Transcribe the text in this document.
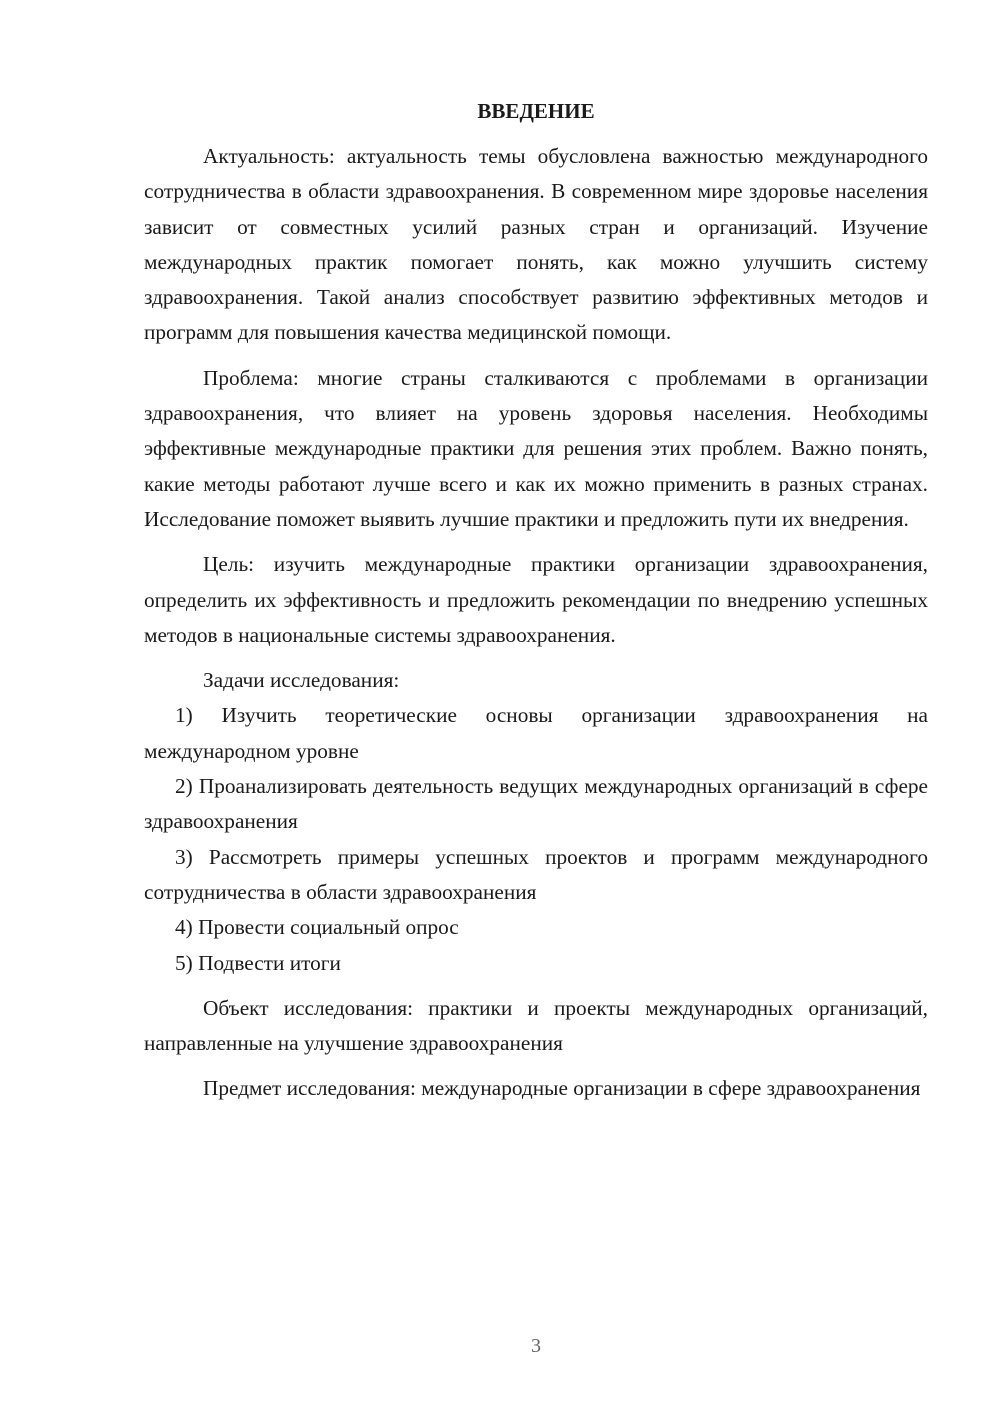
ВВЕДЕНИЕ

Актуальность: актуальность темы обусловлена важностью международного сотрудничества в области здравоохранения. В современном мире здоровье населения зависит от совместных усилий разных стран и организаций. Изучение международных практик помогает понять, как можно улучшить систему здравоохранения. Такой анализ способствует развитию эффективных методов и программ для повышения качества медицинской помощи.

Проблема: многие страны сталкиваются с проблемами в организации здравоохранения, что влияет на уровень здоровья населения. Необходимы эффективные международные практики для решения этих проблем. Важно понять, какие методы работают лучше всего и как их можно применить в разных странах. Исследование поможет выявить лучшие практики и предложить пути их внедрения.

Цель: изучить международные практики организации здравоохранения, определить их эффективность и предложить рекомендации по внедрению успешных методов в национальные системы здравоохранения.

Задачи исследования:

1) Изучить теоретические основы организации здравоохранения на международном уровне

2) Проанализировать деятельность ведущих международных организаций в сфере здравоохранения

3) Рассмотреть примеры успешных проектов и программ международного сотрудничества в области здравоохранения

4) Провести социальный опрос

5) Подвести итоги

Объект исследования: практики и проекты международных организаций, направленные на улучшение здравоохранения

Предмет исследования: международные организации в сфере здравоохранения

3
